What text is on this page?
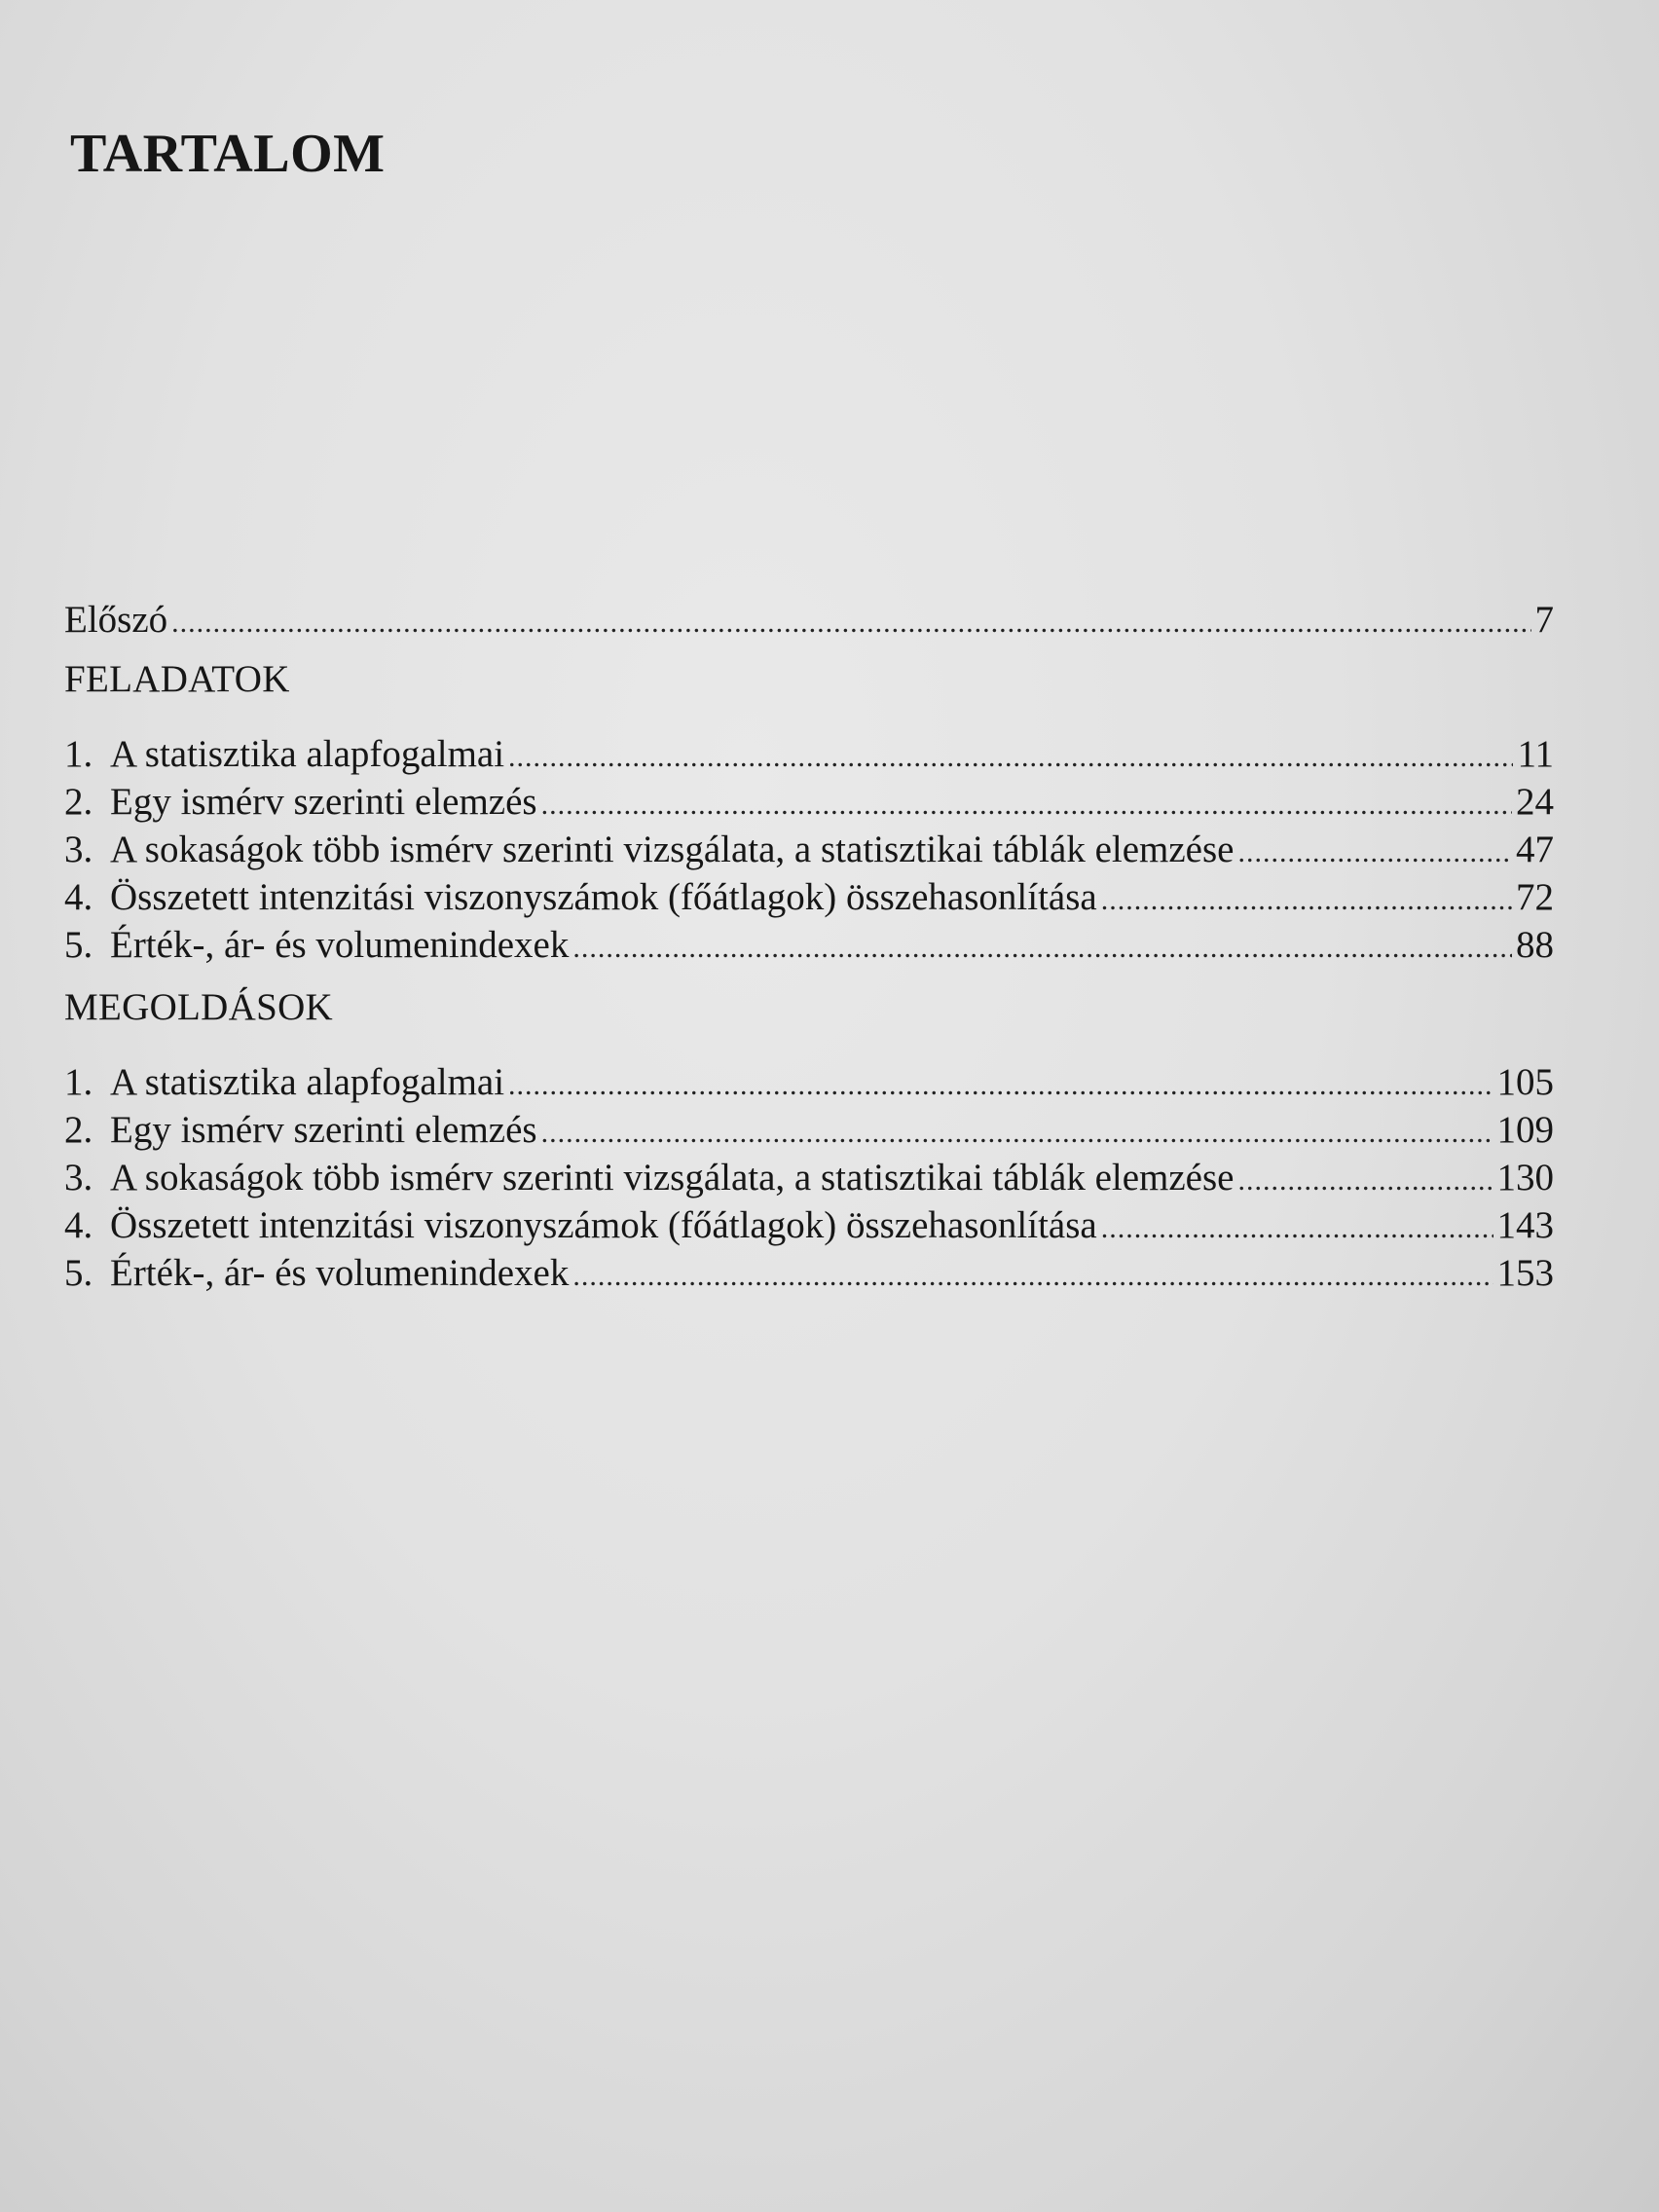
TARTALOM
Előszó .....	7
FELADATOK
1. A statisztika alapfogalmai .....	11
2. Egy ismérv szerinti elemzés .....	24
3. A sokaságok több ismérv szerinti vizsgálata, a statisztikai táblák elemzése .....	47
4. Összetett intenzitási viszonyszámok (főátlagok) összehasonlítása .....	72
5. Érték-, ár- és volumenindexek .....	88
MEGOLDÁSOK
1. A statisztika alapfogalmai .....	105
2. Egy ismérv szerinti elemzés .....	109
3. A sokaságok több ismérv szerinti vizsgálata, a statisztikai táblák elemzése .....	130
4. Összetett intenzitási viszonyszámok (főátlagok) összehasonlítása .....	143
5. Érték-, ár- és volumenindexek .....	153
